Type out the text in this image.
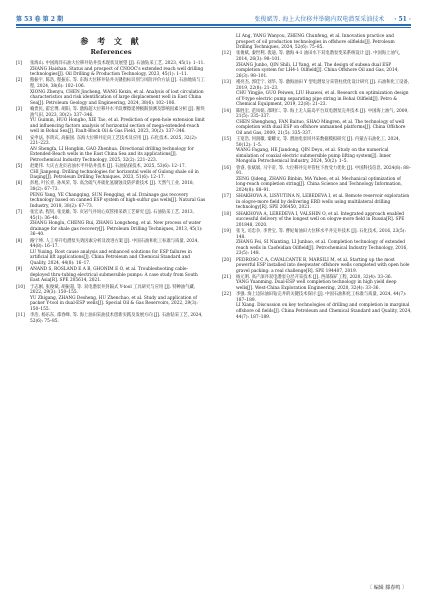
第 53 卷 第 2 期	张俊斌等. 海上大位移井举砌内双电潜泵采油技术 · 51 ·
参 考 文 献
References
[1]	张海山. 中国海洋石油大位移井钻井技术现状及展望 [J]. 石油钻采工艺, 2023, 45(1): 1–11.
ZHANG Haishan. Status and prospect of CNOOC's extended reach well drilling technologies[J]. Oil Drilling & Production Technology, 2023, 45(1): 1–11.
[2]	熊振宇, 陈浩, 程振东, 等. 东海大位移井钻井关键指标识别与风险评价方法 [J]. 石油地质与工程, 2024, 38(6): 102–106.
XIONG Zhenyu, CHEN Jincheng, WANG Kexin, et al. Analysis of lost circulation characteristics and risk identification of large displacement well in East China Sea[J]. Petroleum Geology and Engineering, 2024, 38(6): 102–106.
[3]	喻贵民, 霍宏博, 胡阳, 等. 渤海超大位移井水平段摩擦延伸极限预测及影响因素分析 [J]. 断块油气田, 2023, 30(2): 337–346.
YU Guimin, HUO Hongbo, XIE Tao, et al. Prediction of open-hole extension limit and influencing factors analysis of horizontal section of mega-extended-reach well in Bohai Sea[J]. Fault-Block Oil & Gas Field, 2023, 30(2): 337–346.
[4]	安申法, 李鸿宾, 高振国. 东海大位移井定向工艺技术及应用 [J]. 石化技术, 2025, 32(2): 221–223.
AN Shengfa, LI Hongbin, GAO Zhenhua. Directional drilling technology for Extended-Reach wells in the East China Sea and its applications[J]. Petrochemical Industry Technology, 2025, 32(2): 221–223.
[5]	赵建伟. 大庆古龙页岩油水平井钻井技术 [J]. 石油钻探技术, 2025, 53(6): 12–17.
CHI Jianpeng. Drilling technologies for horizontal wells of Gulong shale oil in Daqing[J]. Petroleum Drilling Techniques, 2023, 51(6): 12–17.
[6]	彭旭, 叶长青, 孙凤荣, 等. 高含硫气井硫化氢腐蚀及防护新技术 [J]. 天然气工业, 2018, 38(2): 67–73.
PENG Yang, YE Changqing, SUN Fengqing, et al. Drainage gas recovery technology based on canned ESP system of high-sulfur gas wells[J]. Natural Gas Industry, 2018, 38(2): 67–73.
[7]	张宏录, 程钊, 张龙雄, 等. 页岩气井同心双管排采新工艺研究 [J]. 石油钻采工艺, 2013, 45(1): 36–40.
ZHANG Honglu, CHENG Rui, ZHANG Longsheng, et al. New process of water drainage for shale gas recovery[J]. Petroleum Drilling Techniques, 2013, 45(1): 36–40.
[8]	路宁坤. 人工举升电潜泵失效因素分析及改进方案 [J]. 中国石油和化工标准与质量, 2024, 44(8): 16–17.
LU Yuxing. Root cause analysis and enhanced solutions for ESP failures in artificial lift applications[J]. China Petroleum and Chemical Standard and Quality, 2024, 44(8): 16–17.
[9]	ANAND S, ROSLAND E A B, GHONIM E O, et al. Troubleshooting cable-deployed thru-tubing electrical submersible pumps: A case study from South East Asia[R]. SPE 205614, 2021.
[10]	于志刚, 张俊斌, 胡振超, 等. 双电潜泵井封隔式 Y-tool 工具研究与应用 [J]. 特种油气藏, 2022, 29(3): 150–155.
YU Zhigang, ZHANG Desheng, HU Zhenchao, et al. Study and application of packer Y-tool in dual-ESP wells[J]. Special Oil & Gas Reservoirs, 2022, 29(3): 150–155.
[11]	李浩, 杨乐东, 邵春峰, 等. 海上油田采油技术创新实践及发展方向 [J]. 石油钻采工艺, 2024, 52(6): 75–85.
LI Ang, YANG Wanyou, ZHENG Chunfeng, et al. Innovation practice and prospect of oil production technologies in offshore oilfields[J]. Petroleum Drilling Techniques, 2024, 52(6): 75–85.
[12]	张俊斌, 秦世利, 裴迪, 等. 渤海 4-1 油田水下双电潜泵变采系统设计 [J]. 中国海上油气, 2014, 26(3): 98–101.
ZHANG Junbo, QIN Shili, LI Yang, et al. The design of subsea dual ESP completion system for LH4-1 Oilfield[J]. China Offshore Oil and Gas, 2014, 26(3): 98–101.
[13]	褚亮杰, 郭佳宁, 刘华, 等. 渤海油田 Y 型电潜泵分采管柱优化设计研究 [J]. 石油和化工设备, 2019, 22(8): 21–23.
CHU Yingjie, GUO Peiwen, LIU Huawei, et al. Research on optimization design of Y-type electric pump separating pipe string in Bohai Oilfield[J]. Petro & Chemical Equipment, 2019, 22(8): 21–23.
[14]	陈胜宏, 范凤娟, 邵明仁, 等. 海上无人陆岛平台双电潜泵完井技术 [J]. 中国海上油气, 2009, 21(5): 335–337.
CHEN Shenghong, FAN Baituo, SHAO Mingren, et al. The technology of well completion with dual ESP on offshore unmanned platforms[J]. China Offshore Oil and Gas, 2009, 21(5): 335–337.
[15]	王宽浩, 何润徽, 秦耀文, 等. 潜油电泵同井采数据模拟研究 [J]. 内蒙古石油化工, 2024, 50(12): 1–5.
WANG Fagang, HE Jiandong, QIN Deyu, et al. Study on the numerical simulation of coaxial electric submersible pump lifting system[J]. Inner Mongolia Petrochemical Industry, 2024, 50(2): 1–5.
[16]	曾睿, 张斌斌, 马宇帝, 等. 大位移井完井管柱下放受力优化 [J]. 中国科技信息, 2024(8): 88–91.
ZENG Qideng, ZHANG Binbin, MA Yuben, et al. Mechanical optimization of long-reach completion string[J]. China Science and Technology Information, 2024(8): 88–91.
[17]	SHAKHOVA A, LISYUTINA N, LEBEDEVA I, et al. Remote reservoir exploration in ologve-more field by delivering ERD wells using multilateral drilling technology[R]. SPE 206450, 2021.
[18]	SHAKHOVA A, LEBEDEVA I, VALSHIN O, et al. Integrated approach enabled successful delivery of the longest well on ologve-more field in Russia[R]. SPE 201848, 2020.
[19]	张飞, 司忠争, 李世宝, 等. 曹妃甸油田大位移水平井完井技术 [J]. 石化技术, 2016, 23(5): 148.
ZHANG Fei, SI Nianting, LI Junbao, et al. Completion technology of extended reach wells in Caofeidian Oilfield[J]. Petrochemical Industry Technology, 2016, 23(5): 148.
[20]	PEDROSO C A, CAVALCANTE B, MARSILI M, et al. Starting up the most powerful ESP installed into deepwater offshore wells completed with open hole gravel packing: a real challenge[R]. SPE 194407, 2019.
[21]	杨元明. 高产深井双电潜泵分层开采技术 [J]. 西部探矿工程, 2020, 32(4): 33–36.
YANG Yuanming. Dual-ESP well completion technology in high yield deep wells[J]. West-China Exploration Engineering, 2020, 32(4): 33–36.
[22]	李强. 海上边际油田钻完井的关键技术探讨 [J]. 中国石油和化工标准与质量, 2024, 44(7): 187–189.
LI Xiang. Discussion on key technologies of drilling and completion in marginal offshore oil fields[J]. China Petroleum and Chemical Standard and Quality, 2024, 44(7): 187–189.
〔 编辑 滕春鸣 〕
